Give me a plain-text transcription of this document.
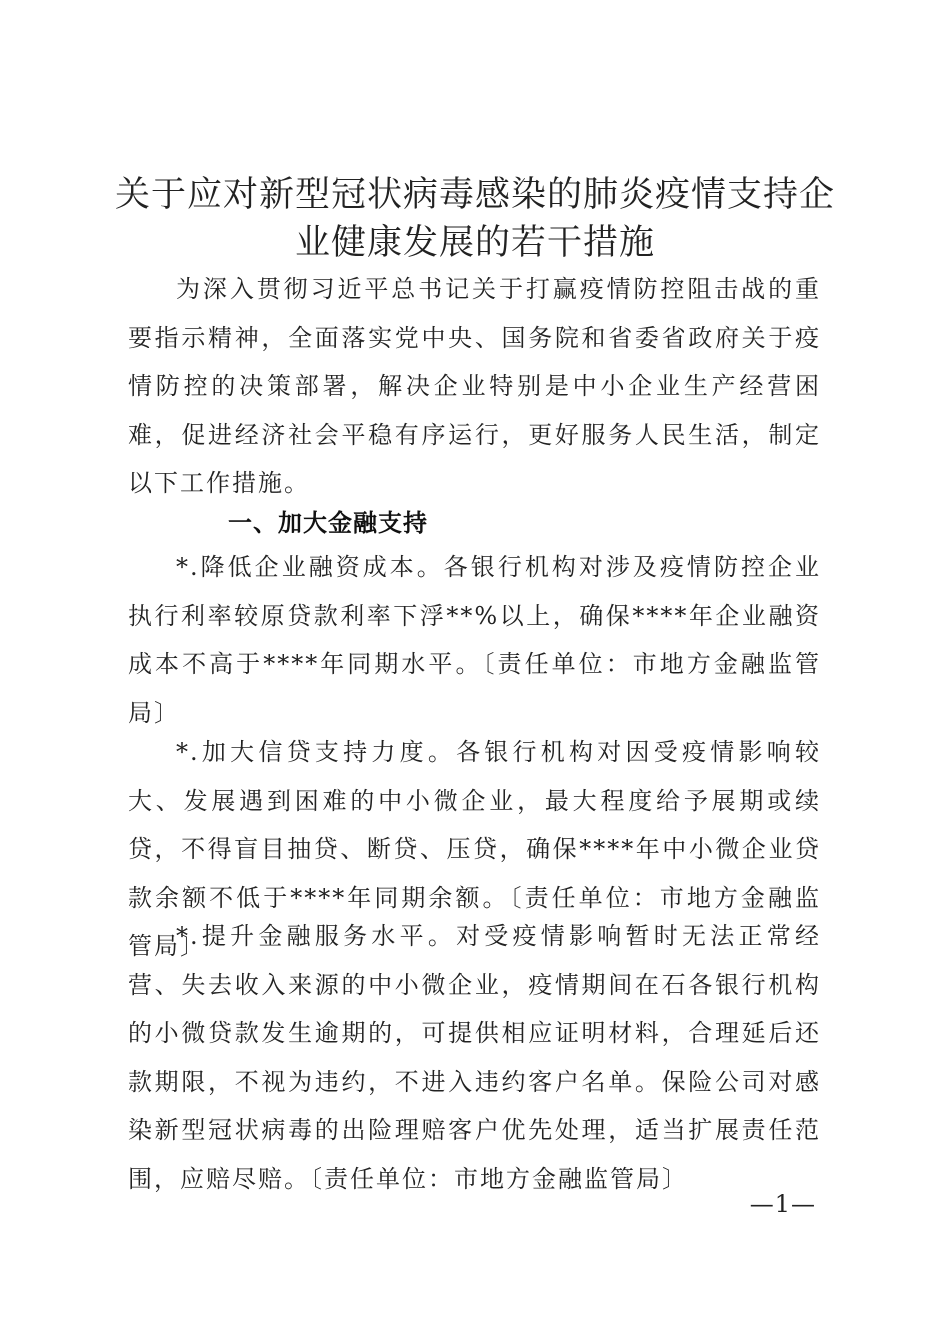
关于应对新型冠状病毒感染的肺炎疫情支持企
业健康发展的若干措施

为深入贯彻习近平总书记关于打赢疫情防控阻击战的重要指示精神，全面落实党中央、国务院和省委省政府关于疫情防控的决策部署，解决企业特别是中小企业生产经营困难，促进经济社会平稳有序运行，更好服务人民生活，制定以下工作措施。

一、加大金融支持

*.降低企业融资成本。各银行机构对涉及疫情防控企业执行利率较原贷款利率下浮**%以上，确保****年企业融资成本不高于****年同期水平。〔责任单位：市地方金融监管局〕

*.加大信贷支持力度。各银行机构对因受疫情影响较大、发展遇到困难的中小微企业，最大程度给予展期或续贷，不得盲目抽贷、断贷、压贷，确保****年中小微企业贷款余额不低于****年同期余额。〔责任单位：市地方金融监管局〕

*.提升金融服务水平。对受疫情影响暂时无法正常经营、失去收入来源的中小微企业，疫情期间在石各银行机构的小微贷款发生逾期的，可提供相应证明材料，合理延后还款期限，不视为违约，不进入违约客户名单。保险公司对感染新型冠状病毒的出险理赔客户优先处理，适当扩展责任范围，应赔尽赔。〔责任单位：市地方金融监管局〕

—1—
